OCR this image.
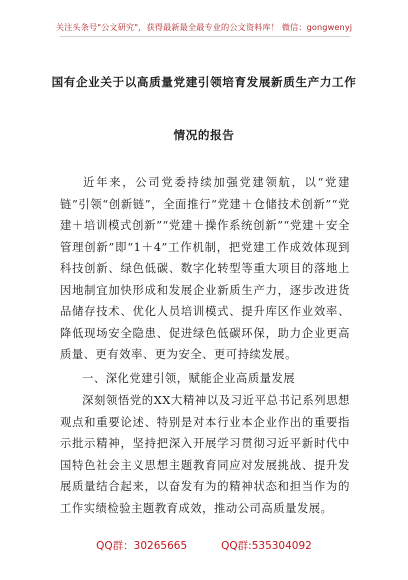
关注头条号"公文研究"，获得最新最全最专业的公文资料库！ 微信：gongwenyj
国有企业关于以高质量党建引领培育发展新质生产力工作
情况的报告

近年来，公司党委持续加强党建领航，以“党建链”引领“创新链”，全面推行“党建＋仓储技术创新”“党建＋培训模式创新”“党建＋操作系统创新”“党建＋安全管理创新”即“1＋4”工作机制，把党建工作成效体现到科技创新、绿色低碳、数字化转型等重大项目的落地上因地制宜加快形成和发展企业新质生产力，逐步改进货品储存技术、优化人员培训模式、提升库区作业效率、降低现场安全隐患、促进绿色低碳环保，助力企业更高质量、更有效率、更为安全、更可持续发展。

一、深化党建引领，赋能企业高质量发展

深刻领悟党的XX大精神以及习近平总书记系列思想观点和重要论述、特别是对本行业本企业作出的重要指示批示精神，坚持把深入开展学习贯彻习近平新时代中国特色社会主义思想主题教育同应对发展挑战、提升发展质量结合起来，以奋发有为的精神状态和担当作为的工作实绩检验主题教育成效，推动公司高质量发展。

QQ群：30265665	QQ群:535304092
